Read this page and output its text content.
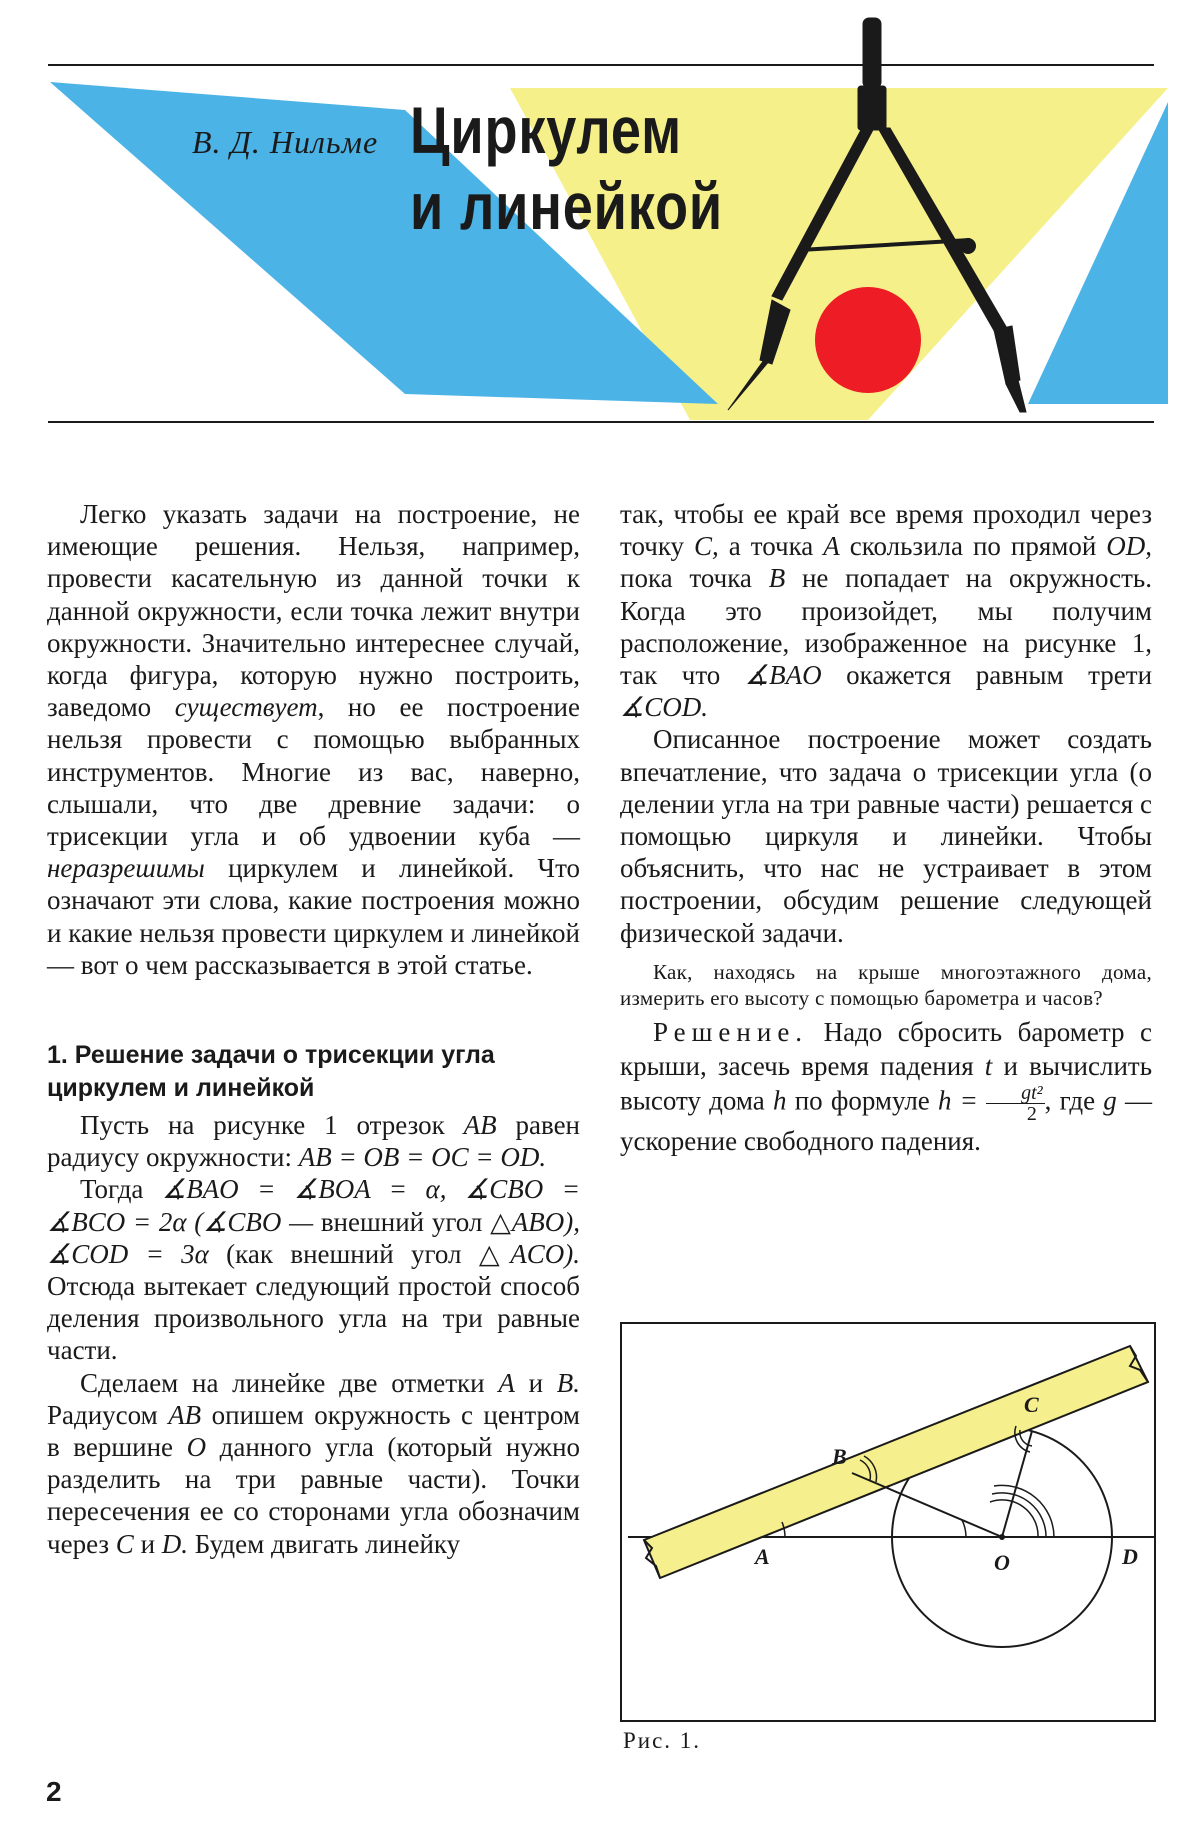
В. Д. Нильме Циркулем
и линейкой

Легко указать задачи на построение, не имеющие решения. Нельзя, например, провести касательную из данной точки к данной окружности, если точка лежит внутри окружности. Значительно интереснее случай, когда фигура, которую нужно построить, заведомо существует, но ее построение нельзя провести с помощью выбранных инструментов. Многие из вас, наверно, слышали, что две древние задачи: о трисекции угла и об удвоении куба — неразрешимы циркулем и линейкой. Что означают эти слова, какие построения можно и какие нельзя провести циркулем и линейкой — вот о чем рассказывается в этой статье.

1. Решение задачи о трисекции угла циркулем и линейкой

Пусть на рисунке 1 отрезок AB равен радиусу окружности: AB = OB = OC = OD.

Тогда ∡BAO = ∡BOA = α, ∡CBO = ∡BCO = 2α (∡CBO — внешний угол △ABO), ∡COD = 3α (как внешний угол △ACO). Отсюда вытекает следующий простой способ деления произвольного угла на три равные части.

Сделаем на линейке две отметки A и B. Радиусом AB опишем окружность с центром в вершине O данного угла (который нужно разделить на три равные части). Точки пересечения ее со сторонами угла обозначим через C и D. Будем двигать линейку

так, чтобы ее край все время проходил через точку C, а точка A скользила по прямой OD, пока точка B не попадает на окружность. Когда это произойдет, мы получим расположение, изображенное на рисунке 1, так что ∡BAO окажется равным трети ∡COD.

Описанное построение может создать впечатление, что задача о трисекции угла (о делении угла на три равные части) решается с помощью циркуля и линейки. Чтобы объяснить, что нас не устраивает в этом построении, обсудим решение следующей физической задачи.

Как, находясь на крыше многоэтажного дома, измерить его высоту с помощью барометра и часов?

Решение. Надо сбросить барометр с крыши, засечь время падения t и вычислить высоту дома h по формуле $h = \frac{\text{gt²}}{2}$ , где g — ускорение свободного падения.

A
B
C
O	D
Рис. 1.
2
